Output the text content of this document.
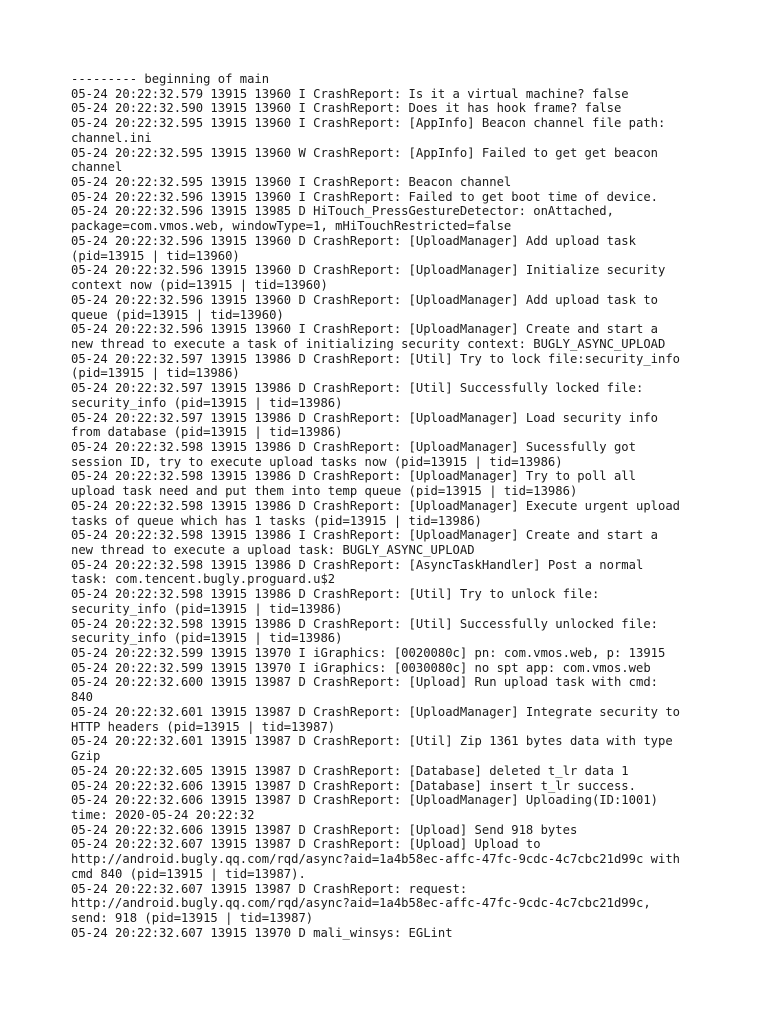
--------- beginning of main
05-24 20:22:32.579 13915 13960 I CrashReport: Is it a virtual machine? false
05-24 20:22:32.590 13915 13960 I CrashReport: Does it has hook frame? false
05-24 20:22:32.595 13915 13960 I CrashReport: [AppInfo] Beacon channel file path:
channel.ini
05-24 20:22:32.595 13915 13960 W CrashReport: [AppInfo] Failed to get get beacon
channel
05-24 20:22:32.595 13915 13960 I CrashReport: Beacon channel
05-24 20:22:32.596 13915 13960 I CrashReport: Failed to get boot time of device.
05-24 20:22:32.596 13915 13985 D HiTouch_PressGestureDetector: onAttached,
package=com.vmos.web, windowType=1, mHiTouchRestricted=false
05-24 20:22:32.596 13915 13960 D CrashReport: [UploadManager] Add upload task
(pid=13915 | tid=13960)
05-24 20:22:32.596 13915 13960 D CrashReport: [UploadManager] Initialize security
context now (pid=13915 | tid=13960)
05-24 20:22:32.596 13915 13960 D CrashReport: [UploadManager] Add upload task to
queue (pid=13915 | tid=13960)
05-24 20:22:32.596 13915 13960 I CrashReport: [UploadManager] Create and start a
new thread to execute a task of initializing security context: BUGLY_ASYNC_UPLOAD
05-24 20:22:32.597 13915 13986 D CrashReport: [Util] Try to lock file:security_info
(pid=13915 | tid=13986)
05-24 20:22:32.597 13915 13986 D CrashReport: [Util] Successfully locked file:
security_info (pid=13915 | tid=13986)
05-24 20:22:32.597 13915 13986 D CrashReport: [UploadManager] Load security info
from database (pid=13915 | tid=13986)
05-24 20:22:32.598 13915 13986 D CrashReport: [UploadManager] Sucessfully got
session ID, try to execute upload tasks now (pid=13915 | tid=13986)
05-24 20:22:32.598 13915 13986 D CrashReport: [UploadManager] Try to poll all
upload task need and put them into temp queue (pid=13915 | tid=13986)
05-24 20:22:32.598 13915 13986 D CrashReport: [UploadManager] Execute urgent upload
tasks of queue which has 1 tasks (pid=13915 | tid=13986)
05-24 20:22:32.598 13915 13986 I CrashReport: [UploadManager] Create and start a
new thread to execute a upload task: BUGLY_ASYNC_UPLOAD
05-24 20:22:32.598 13915 13986 D CrashReport: [AsyncTaskHandler] Post a normal
task: com.tencent.bugly.proguard.u$2
05-24 20:22:32.598 13915 13986 D CrashReport: [Util] Try to unlock file:
security_info (pid=13915 | tid=13986)
05-24 20:22:32.598 13915 13986 D CrashReport: [Util] Successfully unlocked file:
security_info (pid=13915 | tid=13986)
05-24 20:22:32.599 13915 13970 I iGraphics: [0020080c] pn: com.vmos.web, p: 13915
05-24 20:22:32.599 13915 13970 I iGraphics: [0030080c] no spt app: com.vmos.web
05-24 20:22:32.600 13915 13987 D CrashReport: [Upload] Run upload task with cmd:
840
05-24 20:22:32.601 13915 13987 D CrashReport: [UploadManager] Integrate security to
HTTP headers (pid=13915 | tid=13987)
05-24 20:22:32.601 13915 13987 D CrashReport: [Util] Zip 1361 bytes data with type
Gzip
05-24 20:22:32.605 13915 13987 D CrashReport: [Database] deleted t_lr data 1
05-24 20:22:32.606 13915 13987 D CrashReport: [Database] insert t_lr success.
05-24 20:22:32.606 13915 13987 D CrashReport: [UploadManager] Uploading(ID:1001)
time: 2020-05-24 20:22:32
05-24 20:22:32.606 13915 13987 D CrashReport: [Upload] Send 918 bytes
05-24 20:22:32.607 13915 13987 D CrashReport: [Upload] Upload to
http://android.bugly.qq.com/rqd/async?aid=1a4b58ec-affc-47fc-9cdc-4c7cbc21d99c with
cmd 840 (pid=13915 | tid=13987).
05-24 20:22:32.607 13915 13987 D CrashReport: request:
http://android.bugly.qq.com/rqd/async?aid=1a4b58ec-affc-47fc-9cdc-4c7cbc21d99c,
send: 918 (pid=13915 | tid=13987)
05-24 20:22:32.607 13915 13970 D mali_winsys: EGLint
